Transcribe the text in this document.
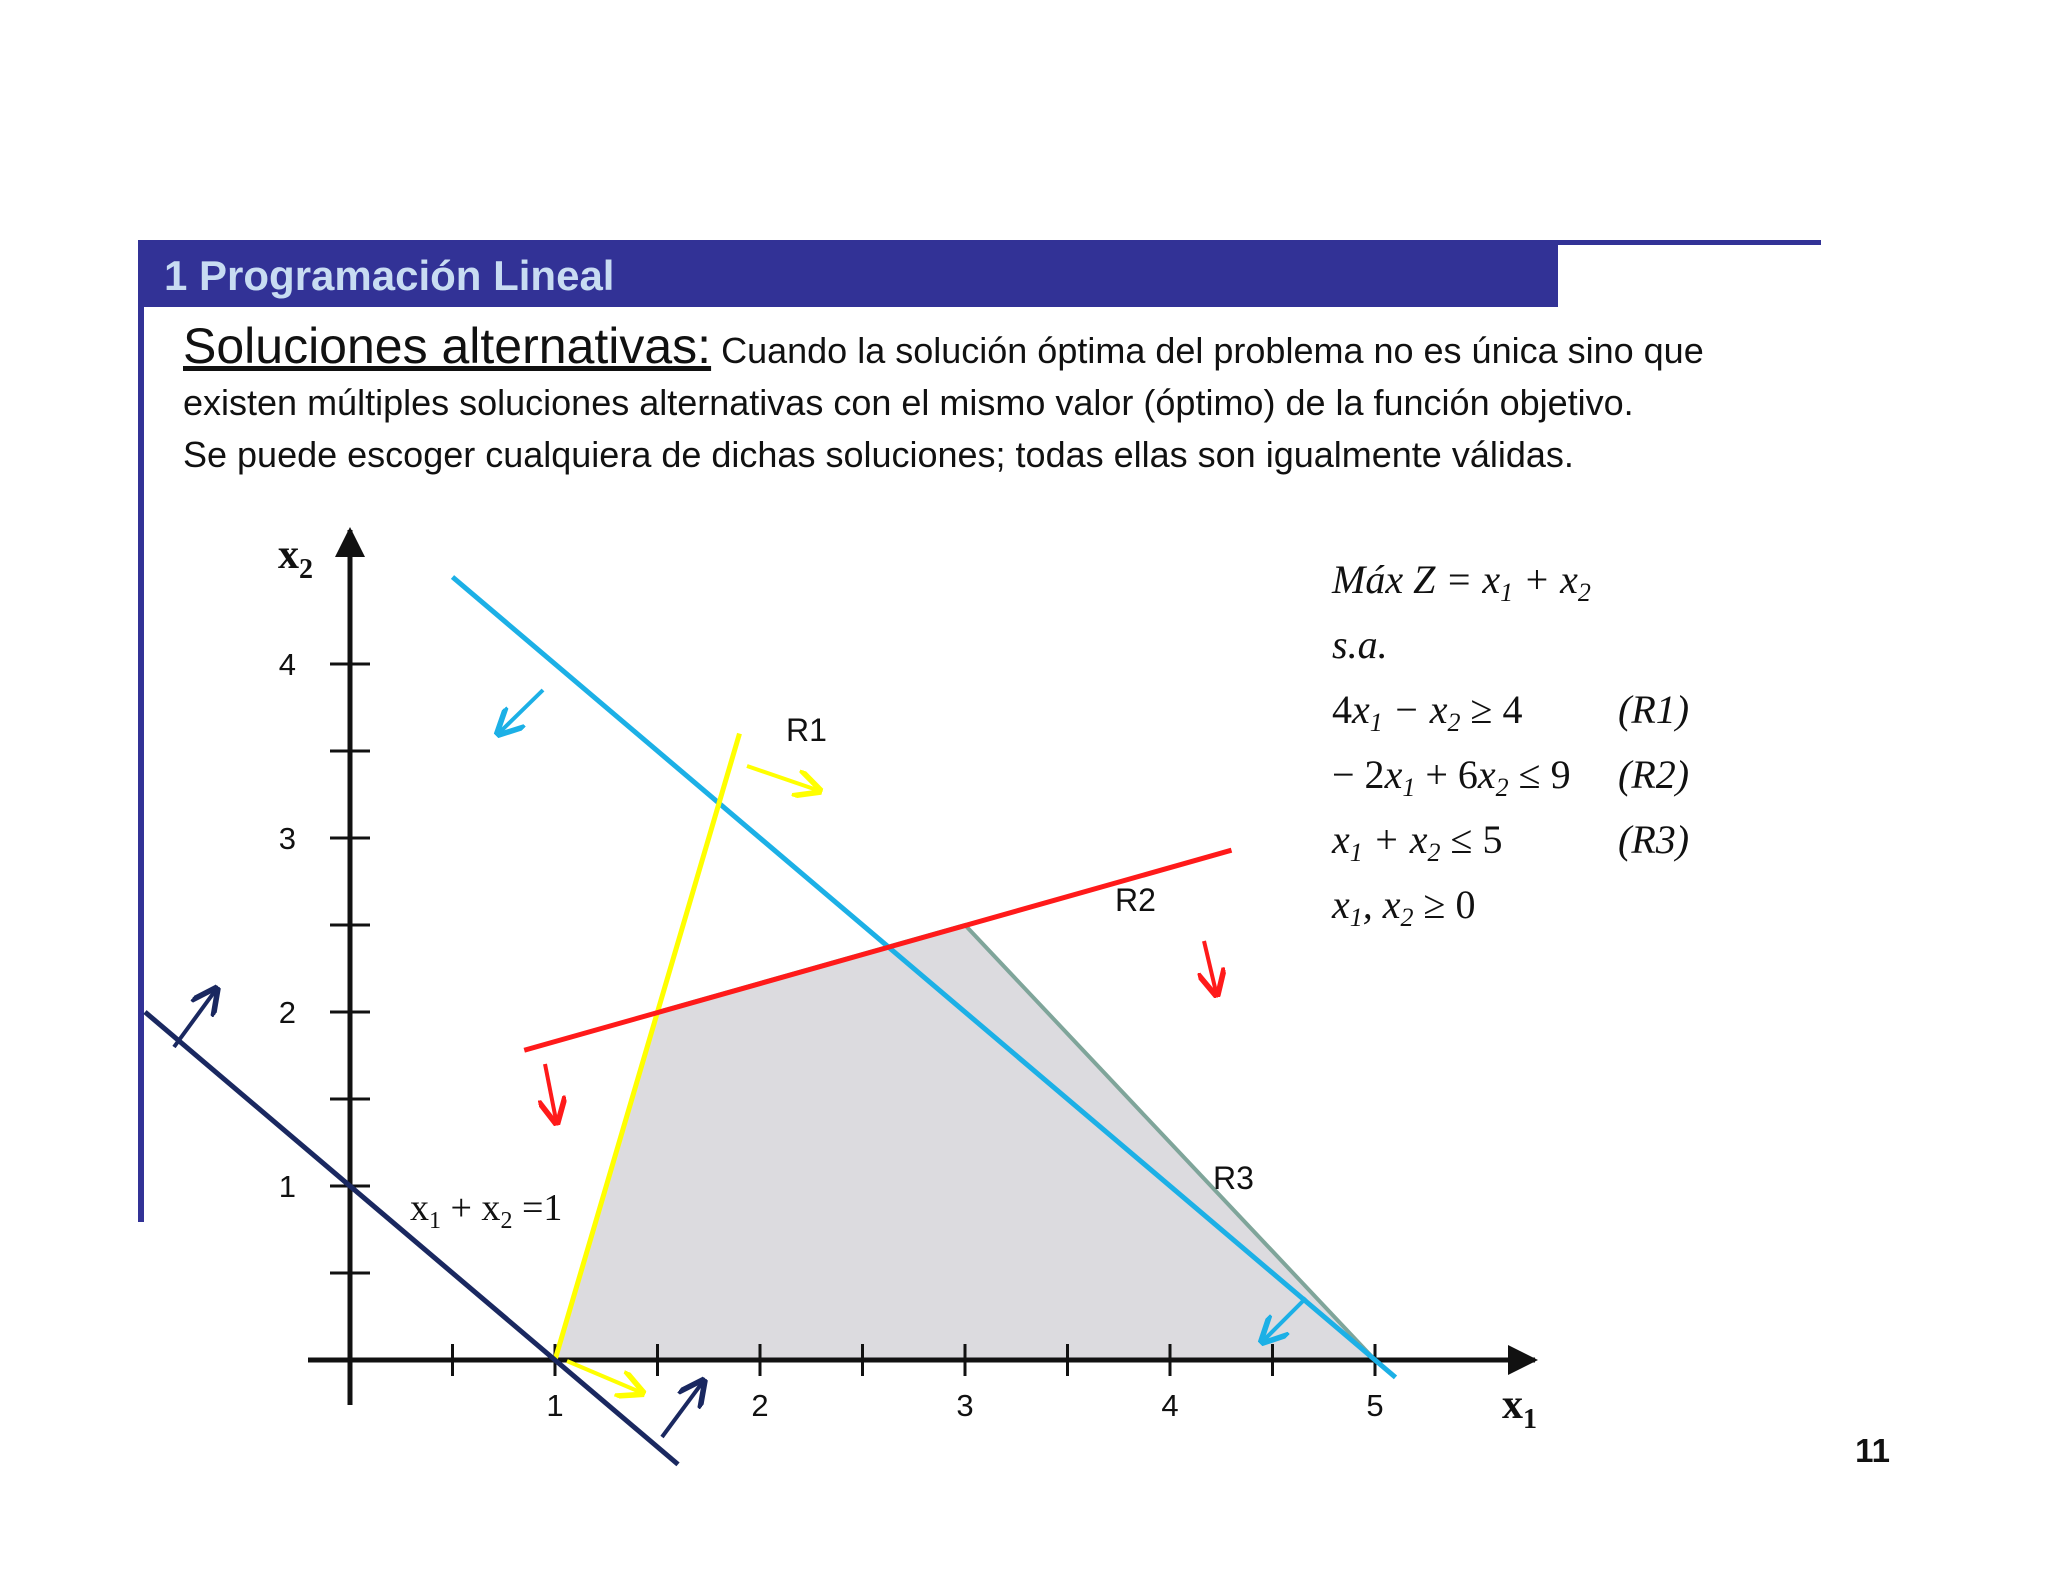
1 Programación Lineal
Soluciones alternativas: Cuando la solución óptima del problema no es única sino que
existen múltiples soluciones alternativas con el mismo valor (óptimo) de la función objetivo.
Se puede escoger cualquiera de dichas soluciones; todas ellas son igualmente válidas.
1	2	3	4	5
1
2
3
4
$x_2$
$x_1$
R1
R2
R3
$x_1 + x_2 =1$
Máx $Z = x_1 + x_2$
s.a.
$4x_1 - x_2 \ge 4$ (R1)
− $2x_1 + 6x_2 \le 9$ (R2)
$x_1 + x_2 \le 5$	(R3)
$x_1$, $x_2 \ge 0$
11
